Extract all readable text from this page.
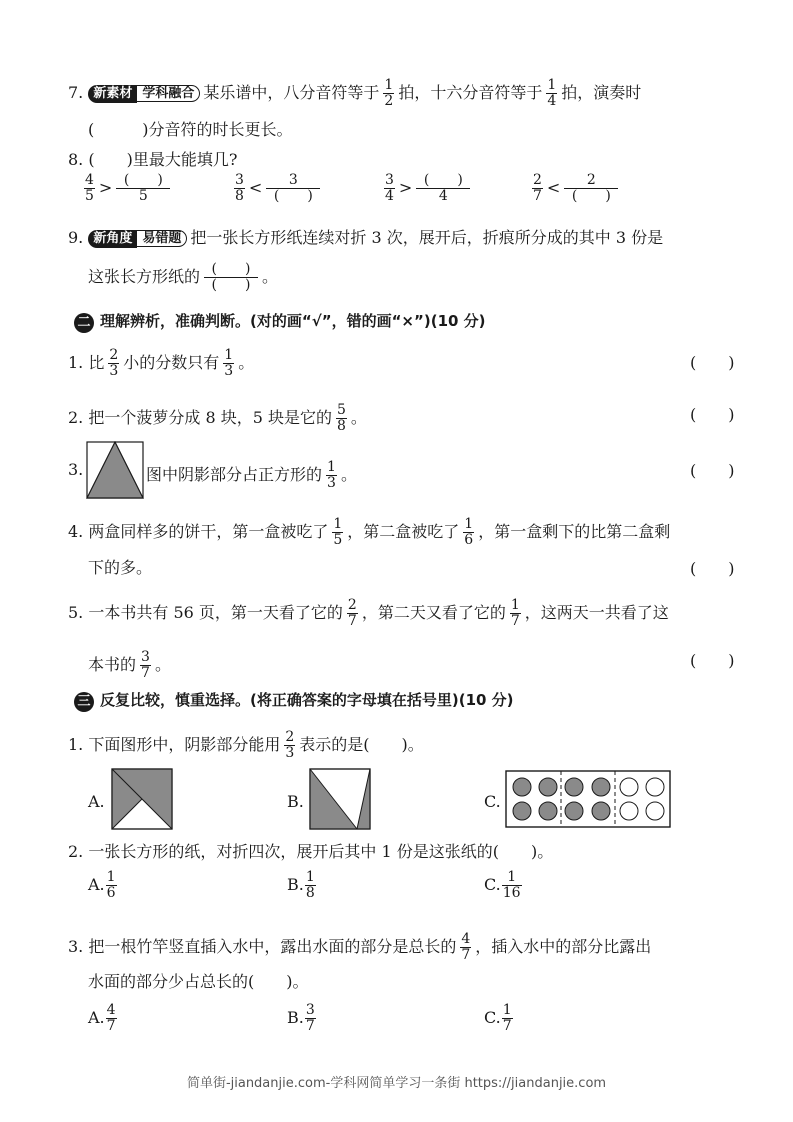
7. 新素材 学科融合 某乐谱中，八分音符等于 $\frac{1}{2}$ 拍，十六分音符等于 $\frac{1}{4}$ 拍，演奏时
(　　　)分音符的时长更长。
8. (　　)里最大能填几?
$\frac{4}{5} > \frac{( )}{5}$	$\frac{3}{8} < \frac{3}{( )}$	$\frac{3}{4} > \frac{( )}{4}$	$\frac{2}{7} < \frac{2}{( )}$
9. 新角度 易错题 把一张长方形纸连续对折 3 次，展开后，折痕所分成的其中 3 份是
这张长方形纸的 $\frac{( )}{( )}$ 。
二 理解辨析，准确判断。(对的画“√”，错的画“×”)(10 分)
1. 比 $\frac{2}{3}$ 小的分数只有 $\frac{1}{3}$ 。	(　　)
2. 把一个菠萝分成 8 块，5 块是它的 $\frac{5}{8}$ 。	(　　)
3.	图中阴影部分占正方形的 $\frac{1}{3}$ 。	(　　)
4. 两盒同样多的饼干，第一盒被吃了 $\frac{1}{5}$ ，第二盒被吃了 $\frac{1}{6}$ ，第一盒剩下的比第二盒剩
下的多。	(　　)
5. 一本书共有 56 页，第一天看了它的 $\frac{2}{7}$ ，第二天又看了它的 $\frac{1}{7}$ ，这两天一共看了这
本书的 $\frac{3}{7}$ 。	(　　)
三 反复比较，慎重选择。(将正确答案的字母填在括号里)(10 分)
1. 下面图形中，阴影部分能用 $\frac{2}{3}$ 表示的是(　　)。
A.	B.	C.
2. 一张长方形的纸，对折四次，展开后其中 1 份是这张纸的(　　)。
A. $\frac{1}{6}$	B. $\frac{1}{8}$	C. $\frac{1}{16}$
3. 把一根竹竿竖直插入水中，露出水面的部分是总长的 $\frac{4}{7}$ ，插入水中的部分比露出
水面的部分少占总长的(　　)。
A. $\frac{4}{7}$	B. $\frac{3}{7}$	C. $\frac{1}{7}$
简单街-jiandanjie.com-学科网简单学习一条街 https://jiandanjie.com
